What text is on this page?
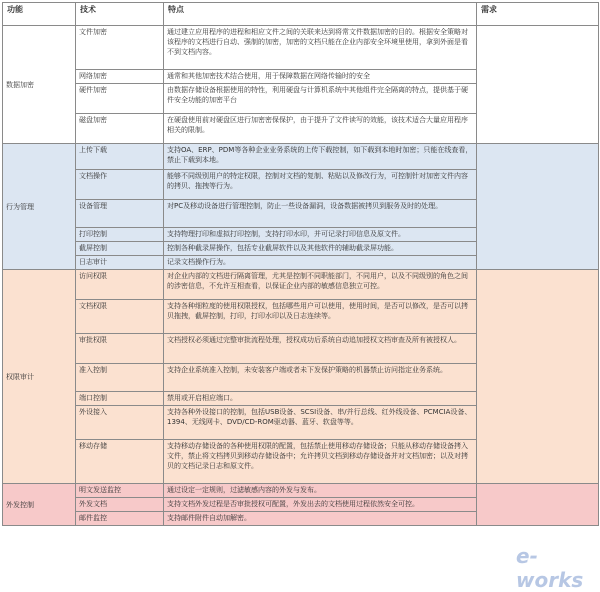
功能	技术	特点	需求
数据加密	文件加密	通过建立应用程序的进程和相应文件之间的关联来达到将常文件数据加密的目的。根据安全策略对该程序的文档进行自动、强制的加密，加密的文档只能在企业内部安全环境里使用，拿到外面是看不到文档内容。	
	网络加密	通常和其他加密技术结合使用，用于保障数据在网络传输时的安全	
	硬件加密	由数据存储设备根据使用的特性，利用硬盘与计算机系统中其他组件完全隔离的特点，提供基于硬件安全功能的加密平台	
	磁盘加密	在硬盘使用前对硬盘区进行加密密保保护，由于提升了文件读写的效能，该技术适合大量应用程序相关的限制。	
行为管理	上传下载	支持OA、ERP、PDM等各种企业业务系统的上传下载控制，如下载到本地时加密；只能在线查看，禁止下载到本地。	
	文档操作	能够不同级别用户的特定权限，控制对文档的复制、粘贴以及修改行为，可控制针对加密文件内容的拷贝、拖拽等行为。	
	设备管理	对PC及移动设备进行管理控制，防止一些设备漏洞，设备数据被拷贝到服务及时的处理。	
	打印控制	支持物理打印和虚拟打印控制，支持打印水印，并可记录打印信息及原文件。	
	截屏控制	控制各种截录屏操作，包括专业截屏软件以及其他软件的辅助截录屏功能。	
	日志审计	记录文档操作行为。	
权限审计	访问权限	对企业内部的文档进行隔离管理，尤其是控制不同职能部门，不同用户，以及不同级别的角色之间的涉密信息，不允许互相查看，以保证企业内部的敏感信息独立可控。	
	文档权限	支持各种细粒度的使用权限授权，包括哪些用户可以使用，使用时间，是否可以修改，是否可以拷贝拖拽，截屏控制，打印，打印水印以及日志连续等。	
	审批权限	文档授权必须通过完整审批流程处理，授权成功后系统自动追加授权文档审查及所有被授权人。	
	准入控制	支持企业系统准入控制，未安装客户端或者未下发保护策略的机器禁止访问指定业务系统。	
	端口控制	禁用或开启相应端口。	
	外设接入	支持各种外设接口的控制，包括USB设备、SCSI设备、串/并行总线、红外线设备、PCMCIA设备、1394、无线网卡、DVD/CD-ROM驱动器、蓝牙、软盘等等。	
	移动存储	支持移动存储设备的各种使用权限的配置，包括禁止使用移动存储设备；只能从移动存储设备拷入文件，禁止将文档拷贝到移动存储设备中；允许拷贝文档到移动存储设备并对文档加密；以及对拷贝的文档记录日志和原文件。	
外发控制	明文发送监控	通过设定一定规则，过滤敏感内容的外发与发布。	
	外发文档	支持文档外发过程是否审批授权可配置，外发出去的文档使用过程依然安全可控。	
	邮件监控	支持邮件附件自动加解密。	
e-works
